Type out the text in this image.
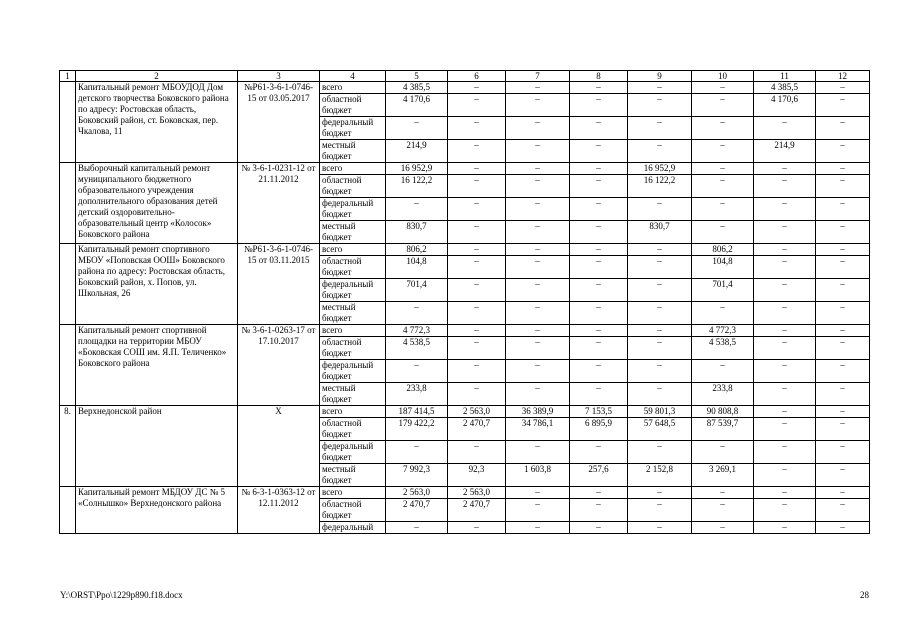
1	2	3	4	5	6	7	8	9	10	11	12
	Капитальный ремонт МБОУДОД Дом детского творчества Боковского района по адресу: Ростовская область, Боковский район, ст. Боковская, пер. Чкалова, 11	№Р61-3-6-1-0746-15 от 03.05.2017	всего	4 385,5	–	–	–	–	–	4 385,5	–
			областной бюджет	4 170,6	–	–	–	–	–	4 170,6	–
			федеральный бюджет	–	–	–	–	–	–	–	–
			местный бюджет	214,9	–	–	–	–	–	214,9	–
	Выборочный капитальный ремонт муниципального бюджетного образовательного учреждения дополнительного образования детей детский оздоровительно-образовательный центр «Колосок» Боковского района	№ 3-6-1-0231-12 от 21.11.2012	всего	16 952,9	–	–	–	16 952,9	–	–	–
			областной бюджет	16 122,2	–	–	–	16 122,2	–	–	–
			федеральный бюджет	–	–	–	–	–	–	–	–
			местный бюджет	830,7	–	–	–	830,7	–	–	–
	Капитальный ремонт спортивного МБОУ «Поповская ООШ» Боковского района по адресу: Ростовская область, Боковский район, х. Попов, ул. Школьная, 26	№Р61-3-6-1-0746-15 от 03.11.2015	всего	806,2	–	–	–	–	806,2	–	–
			областной бюджет	104,8	–	–	–	–	104,8	–	–
			федеральный бюджет	701,4	–	–	–	–	701,4	–	–
			местный бюджет	–	–	–	–	–	–	–	–
	Капитальный ремонт спортивной площадки на территории МБОУ «Боковская СОШ им. Я.П. Теличенко» Боковского района	№ 3-6-1-0263-17 от 17.10.2017	всего	4 772,3	–	–	–	–	4 772,3	–	–
			областной бюджет	4 538,5	–	–	–	–	4 538,5	–	–
			федеральный бюджет	–	–	–	–	–	–	–	–
			местный бюджет	233,8	–	–	–	–	233,8	–	–
8.	Верхнедонской район	Х	всего	187 414,5	2 563,0	36 389,9	7 153,5	59 801,3	90 808,8	–	–
			областной бюджет	179 422,2	2 470,7	34 786,1	6 895,9	57 648,5	87 539,7	–	–
			федеральный бюджет	–	–	–	–	–	–	–	–
			местный бюджет	7 992,3	92,3	1 603,8	257,6	2 152,8	3 269,1	–	–
	Капитальный ремонт МБДОУ ДС № 5 «Солнышко» Верхнедонского района	№ 6-3-1-0363-12 от 12.11.2012	всего	2 563,0	2 563,0	–	–	–	–	–	–
			областной бюджет	2 470,7	2 470,7	–	–	–	–	–	–
			федеральный	–	–	–	–	–	–	–	–
Y:\ORST\Ppo\1229p890.f18.docx	28
